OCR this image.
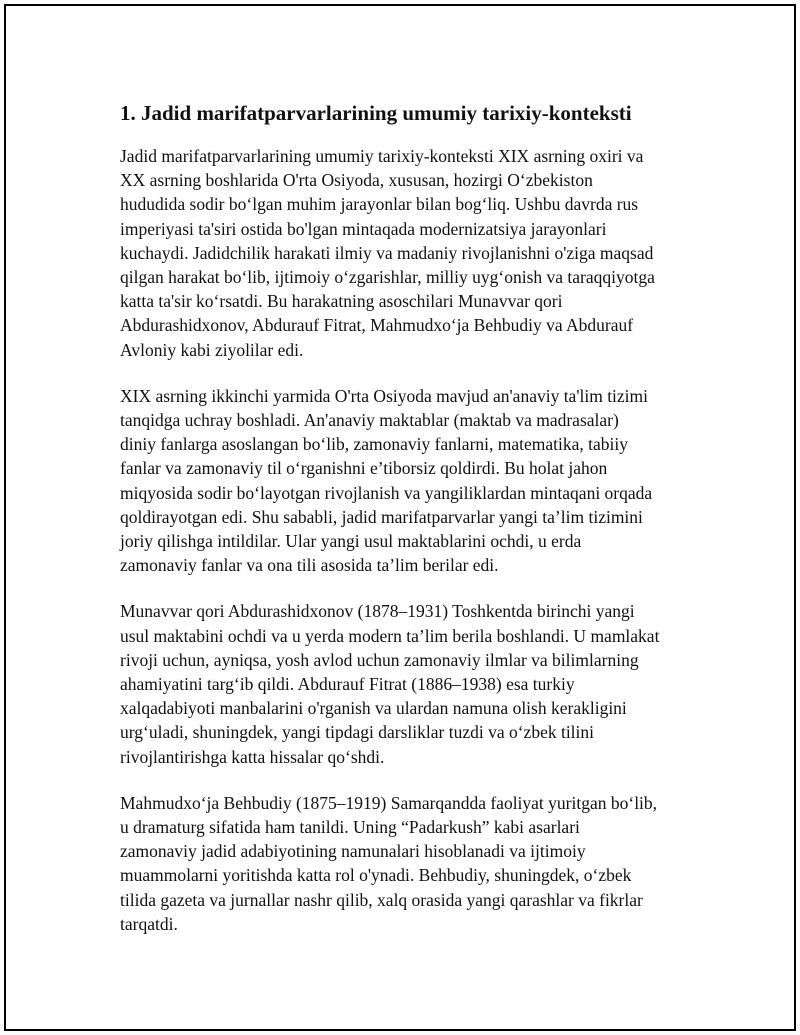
1. Jadid marifatparvarlarining umumiy tarixiy-konteksti

Jadid marifatparvarlarining umumiy tarixiy-konteksti XIX asrning oxiri va
XX asrning boshlarida O'rta Osiyoda, xususan, hozirgi O‘zbekiston
hududida sodir bo‘lgan muhim jarayonlar bilan bog‘liq. Ushbu davrda rus
imperiyasi ta'siri ostida bo'lgan mintaqada modernizatsiya jarayonlari
kuchaydi. Jadidchilik harakati ilmiy va madaniy rivojlanishni o'ziga maqsad
qilgan harakat bo‘lib, ijtimoiy o‘zgarishlar, milliy uyg‘onish va taraqqiyotga
katta ta'sir ko‘rsatdi. Bu harakatning asoschilari Munavvar qori
Abdurashidxonov, Abdurauf Fitrat, Mahmudxo‘ja Behbudiy va Abdurauf
Avloniy kabi ziyolilar edi.

XIX asrning ikkinchi yarmida O'rta Osiyoda mavjud an'anaviy ta'lim tizimi
tanqidga uchray boshladi. An'anaviy maktablar (maktab va madrasalar)
diniy fanlarga asoslangan bo‘lib, zamonaviy fanlarni, matematika, tabiiy
fanlar va zamonaviy til o‘rganishni e’tiborsiz qoldirdi. Bu holat jahon
miqyosida sodir bo‘layotgan rivojlanish va yangiliklardan mintaqani orqada
qoldirayotgan edi. Shu sababli, jadid marifatparvarlar yangi ta’lim tizimini
joriy qilishga intildilar. Ular yangi usul maktablarini ochdi, u erda
zamonaviy fanlar va ona tili asosida ta’lim berilar edi.

Munavvar qori Abdurashidxonov (1878–1931) Toshkentda birinchi yangi
usul maktabini ochdi va u yerda modern ta’lim berila boshlandi. U mamlakat
rivoji uchun, ayniqsa, yosh avlod uchun zamonaviy ilmlar va bilimlarning
ahamiyatini targ‘ib qildi. Abdurauf Fitrat (1886–1938) esa turkiy
xalqadabiyoti manbalarini o'rganish va ulardan namuna olish kerakligini
urg‘uladi, shuningdek, yangi tipdagi darsliklar tuzdi va o‘zbek tilini
rivojlantirishga katta hissalar qo‘shdi.

Mahmudxo‘ja Behbudiy (1875–1919) Samarqandda faoliyat yuritgan bo‘lib,
u dramaturg sifatida ham tanildi. Uning “Padarkush” kabi asarlari
zamonaviy jadid adabiyotining namunalari hisoblanadi va ijtimoiy
muammolarni yoritishda katta rol o'ynadi. Behbudiy, shuningdek, o‘zbek
tilida gazeta va jurnallar nashr qilib, xalq orasida yangi qarashlar va fikrlar
tarqatdi.
